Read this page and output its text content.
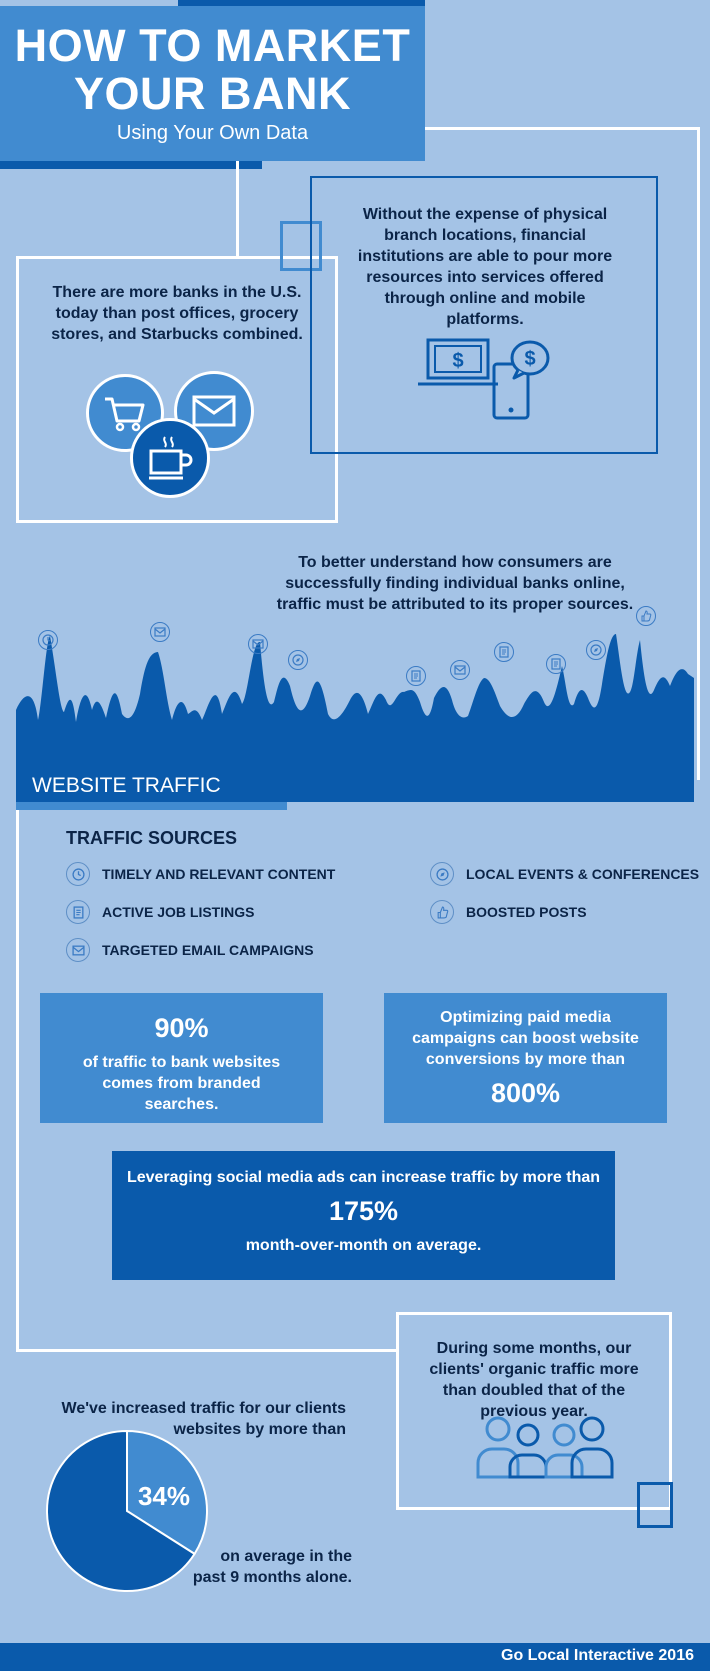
HOW TO MARKET
YOUR BANK
Using Your Own Data
There are more banks in the U.S. today than post offices, grocery stores, and Starbucks combined.
Without the expense of physical branch locations, financial institutions are able to pour more resources into services offered through online and mobile platforms.
$	$
To better understand how consumers are successfully finding individual banks online, traffic must be attributed to its proper sources.
WEBSITE TRAFFIC
TRAFFIC SOURCES
TIMELY AND RELEVANT CONTENT
ACTIVE JOB LISTINGS
TARGETED EMAIL CAMPAIGNS
LOCAL EVENTS & CONFERENCES
BOOSTED POSTS
90%
of traffic to bank websites comes from branded searches.
Optimizing paid media campaigns can boost website conversions by more than
800%
Leveraging social media ads can increase traffic by more than
175%
month-over-month on average.
During some months, our clients' organic traffic more than doubled that of the previous year.
We've increased traffic for our clients websites by more than
34%
on average in the past 9 months alone.
Go Local Interactive 2016
